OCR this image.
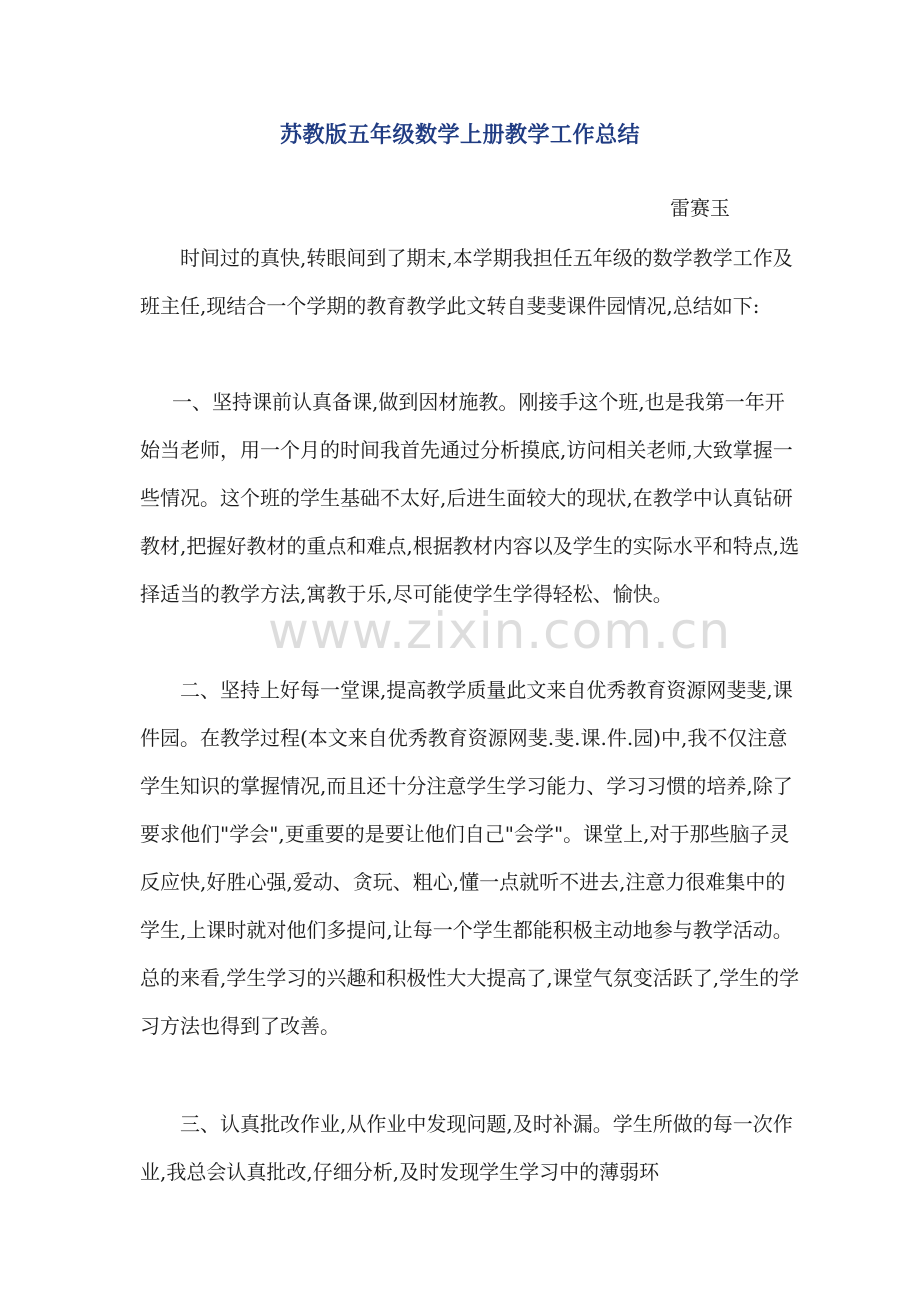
苏教版五年级数学上册教学工作总结
雷赛玉
时间过的真快,转眼间到了期末,本学期我担任五年级的数学教学工作及班主任,现结合一个学期的教育教学此文转自斐斐课件园情况,总结如下:
一、坚持课前认真备课,做到因材施教。刚接手这个班,也是我第一年开始当老师，用一个月的时间我首先通过分析摸底,访问相关老师,大致掌握一些情况。这个班的学生基础不太好,后进生面较大的现状,在教学中认真钻研教材,把握好教材的重点和难点,根据教材内容以及学生的实际水平和特点,选择适当的教学方法,寓教于乐,尽可能使学生学得轻松、愉快。
二、坚持上好每一堂课,提高教学质量此文来自优秀教育资源网斐斐,课件园。在教学过程(本文来自优秀教育资源网斐.斐.课.件.园)中,我不仅注意学生知识的掌握情况,而且还十分注意学生学习能力、学习习惯的培养,除了要求他们"学会",更重要的是要让他们自己"会学"。课堂上,对于那些脑子灵反应快,好胜心强,爱动、贪玩、粗心,懂一点就听不进去,注意力很难集中的学生,上课时就对他们多提问,让每一个学生都能积极主动地参与教学活动。总的来看,学生学习的兴趣和积极性大大提高了,课堂气氛变活跃了,学生的学习方法也得到了改善。
三、认真批改作业,从作业中发现问题,及时补漏。学生所做的每一次作业,我总会认真批改,仔细分析,及时发现学生学习中的薄弱环
www.zixin.com.cn
